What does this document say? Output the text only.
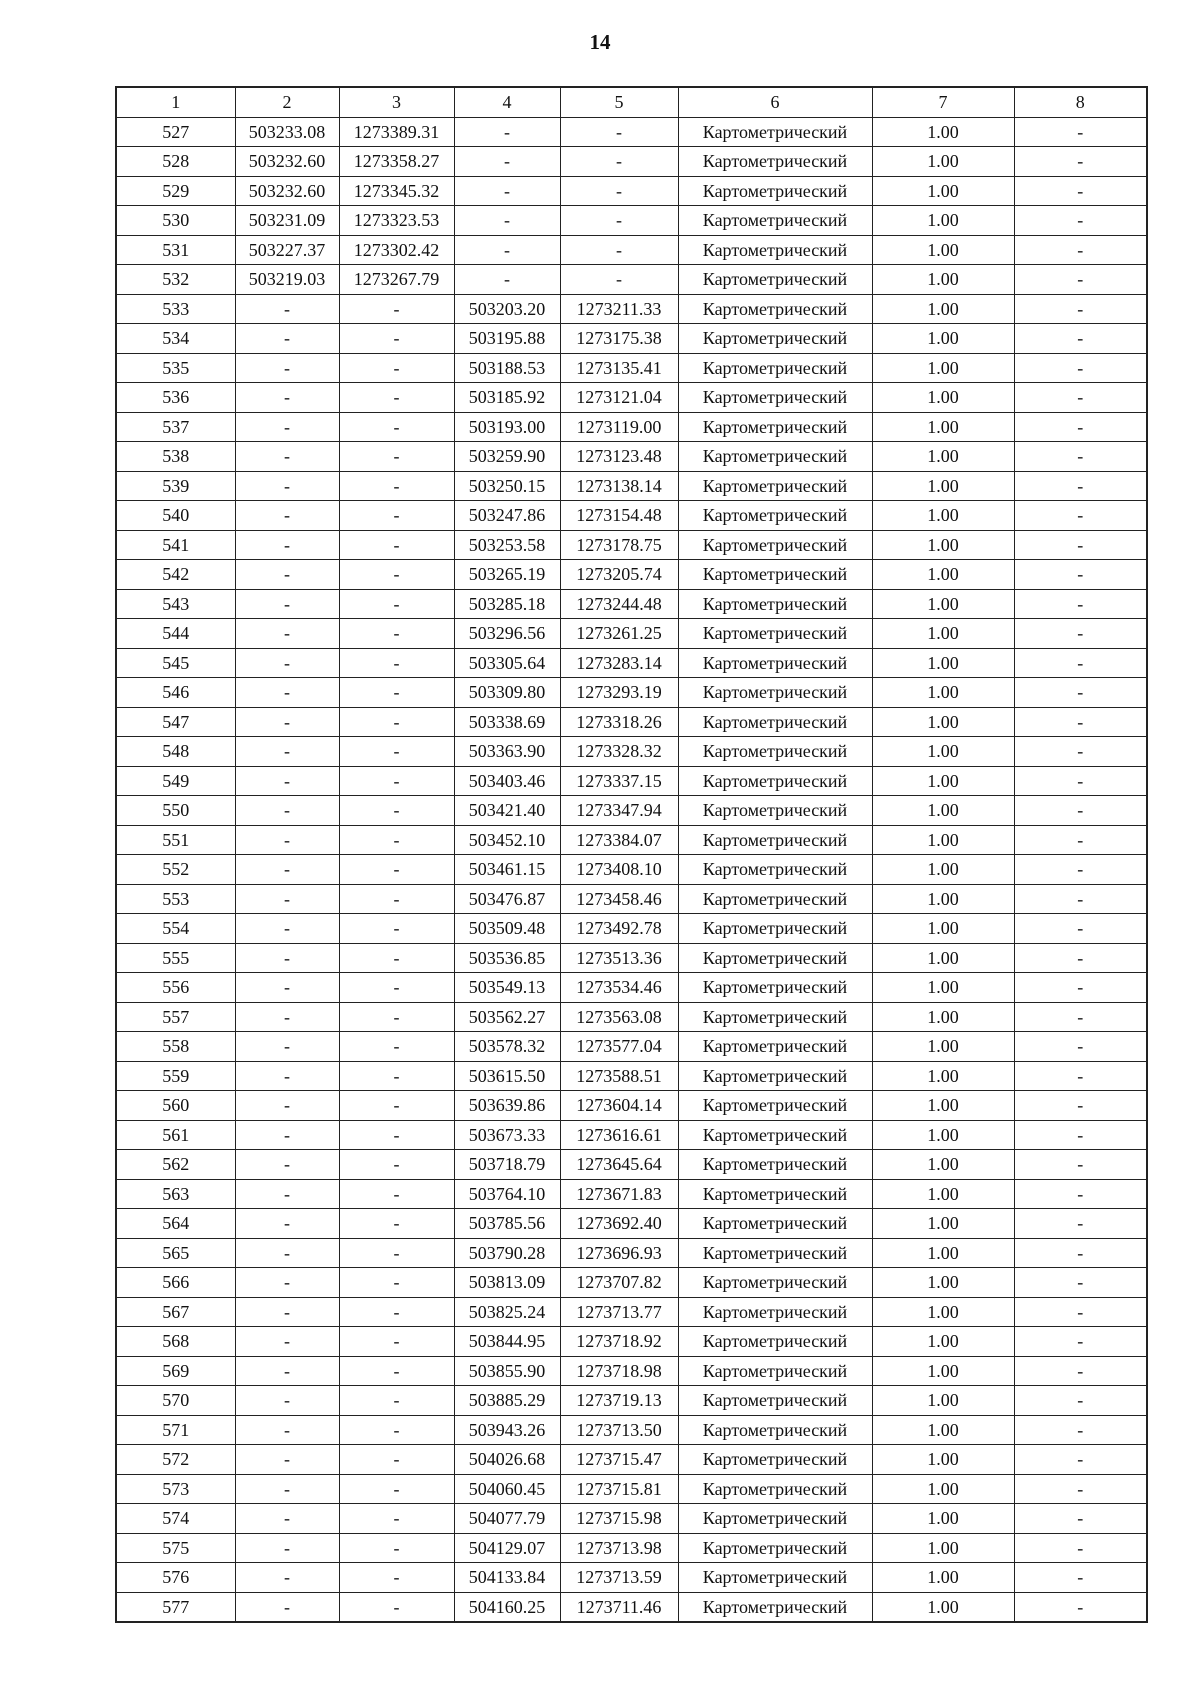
14
1	2	3	4	5	6	7	8
527	503233.08	1273389.31	-	-	Картометрический	1.00	-
528	503232.60	1273358.27	-	-	Картометрический	1.00	-
529	503232.60	1273345.32	-	-	Картометрический	1.00	-
530	503231.09	1273323.53	-	-	Картометрический	1.00	-
531	503227.37	1273302.42	-	-	Картометрический	1.00	-
532	503219.03	1273267.79	-	-	Картометрический	1.00	-
533	-	-	503203.20	1273211.33	Картометрический	1.00	-
534	-	-	503195.88	1273175.38	Картометрический	1.00	-
535	-	-	503188.53	1273135.41	Картометрический	1.00	-
536	-	-	503185.92	1273121.04	Картометрический	1.00	-
537	-	-	503193.00	1273119.00	Картометрический	1.00	-
538	-	-	503259.90	1273123.48	Картометрический	1.00	-
539	-	-	503250.15	1273138.14	Картометрический	1.00	-
540	-	-	503247.86	1273154.48	Картометрический	1.00	-
541	-	-	503253.58	1273178.75	Картометрический	1.00	-
542	-	-	503265.19	1273205.74	Картометрический	1.00	-
543	-	-	503285.18	1273244.48	Картометрический	1.00	-
544	-	-	503296.56	1273261.25	Картометрический	1.00	-
545	-	-	503305.64	1273283.14	Картометрический	1.00	-
546	-	-	503309.80	1273293.19	Картометрический	1.00	-
547	-	-	503338.69	1273318.26	Картометрический	1.00	-
548	-	-	503363.90	1273328.32	Картометрический	1.00	-
549	-	-	503403.46	1273337.15	Картометрический	1.00	-
550	-	-	503421.40	1273347.94	Картометрический	1.00	-
551	-	-	503452.10	1273384.07	Картометрический	1.00	-
552	-	-	503461.15	1273408.10	Картометрический	1.00	-
553	-	-	503476.87	1273458.46	Картометрический	1.00	-
554	-	-	503509.48	1273492.78	Картометрический	1.00	-
555	-	-	503536.85	1273513.36	Картометрический	1.00	-
556	-	-	503549.13	1273534.46	Картометрический	1.00	-
557	-	-	503562.27	1273563.08	Картометрический	1.00	-
558	-	-	503578.32	1273577.04	Картометрический	1.00	-
559	-	-	503615.50	1273588.51	Картометрический	1.00	-
560	-	-	503639.86	1273604.14	Картометрический	1.00	-
561	-	-	503673.33	1273616.61	Картометрический	1.00	-
562	-	-	503718.79	1273645.64	Картометрический	1.00	-
563	-	-	503764.10	1273671.83	Картометрический	1.00	-
564	-	-	503785.56	1273692.40	Картометрический	1.00	-
565	-	-	503790.28	1273696.93	Картометрический	1.00	-
566	-	-	503813.09	1273707.82	Картометрический	1.00	-
567	-	-	503825.24	1273713.77	Картометрический	1.00	-
568	-	-	503844.95	1273718.92	Картометрический	1.00	-
569	-	-	503855.90	1273718.98	Картометрический	1.00	-
570	-	-	503885.29	1273719.13	Картометрический	1.00	-
571	-	-	503943.26	1273713.50	Картометрический	1.00	-
572	-	-	504026.68	1273715.47	Картометрический	1.00	-
573	-	-	504060.45	1273715.81	Картометрический	1.00	-
574	-	-	504077.79	1273715.98	Картометрический	1.00	-
575	-	-	504129.07	1273713.98	Картометрический	1.00	-
576	-	-	504133.84	1273713.59	Картометрический	1.00	-
577	-	-	504160.25	1273711.46	Картометрический	1.00	-
